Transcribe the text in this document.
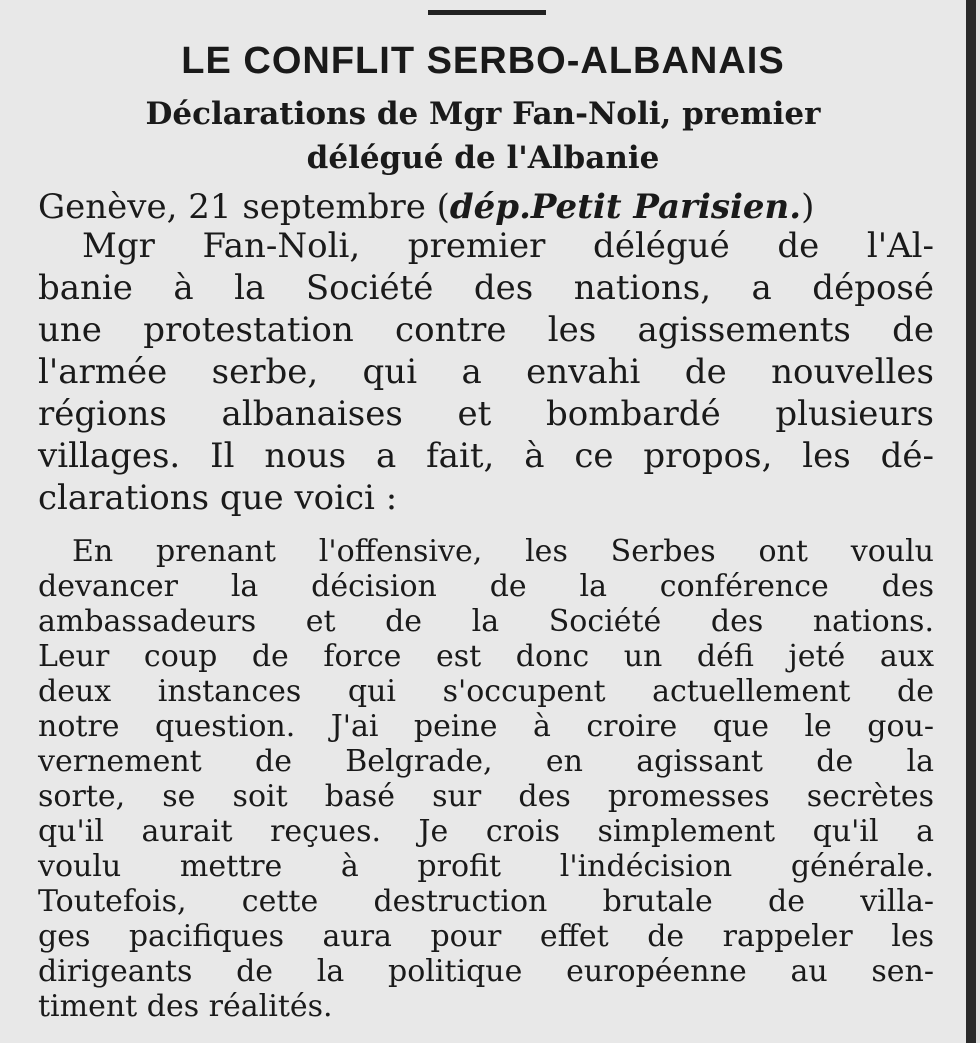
LE CONFLIT SERBO-ALBANAIS
Déclarations de Mgr Fan-Noli, premier
délégué de l'Albanie
Genève, 21 septembre (dép.Petit Parisien.)
Mgr Fan-Noli, premier délégué de l'Al-
banie à la Société des nations, a déposé
une protestation contre les agissements de
l'armée serbe, qui a envahi de nouvelles
régions albanaises et bombardé plusieurs
villages. Il nous a fait, à ce propos, les dé-
clarations que voici :
En prenant l'offensive, les Serbes ont voulu
devancer la décision de la conférence des
ambassadeurs et de la Société des nations.
Leur coup de force est donc un défi jeté aux
deux instances qui s'occupent actuellement de
notre question. J'ai peine à croire que le gou-
vernement de Belgrade, en agissant de la
sorte, se soit basé sur des promesses secrètes
qu'il aurait reçues. Je crois simplement qu'il a
voulu mettre à profit l'indécision générale.
Toutefois, cette destruction brutale de villa-
ges pacifiques aura pour effet de rappeler les
dirigeants de la politique européenne au sen-
timent des réalités.
